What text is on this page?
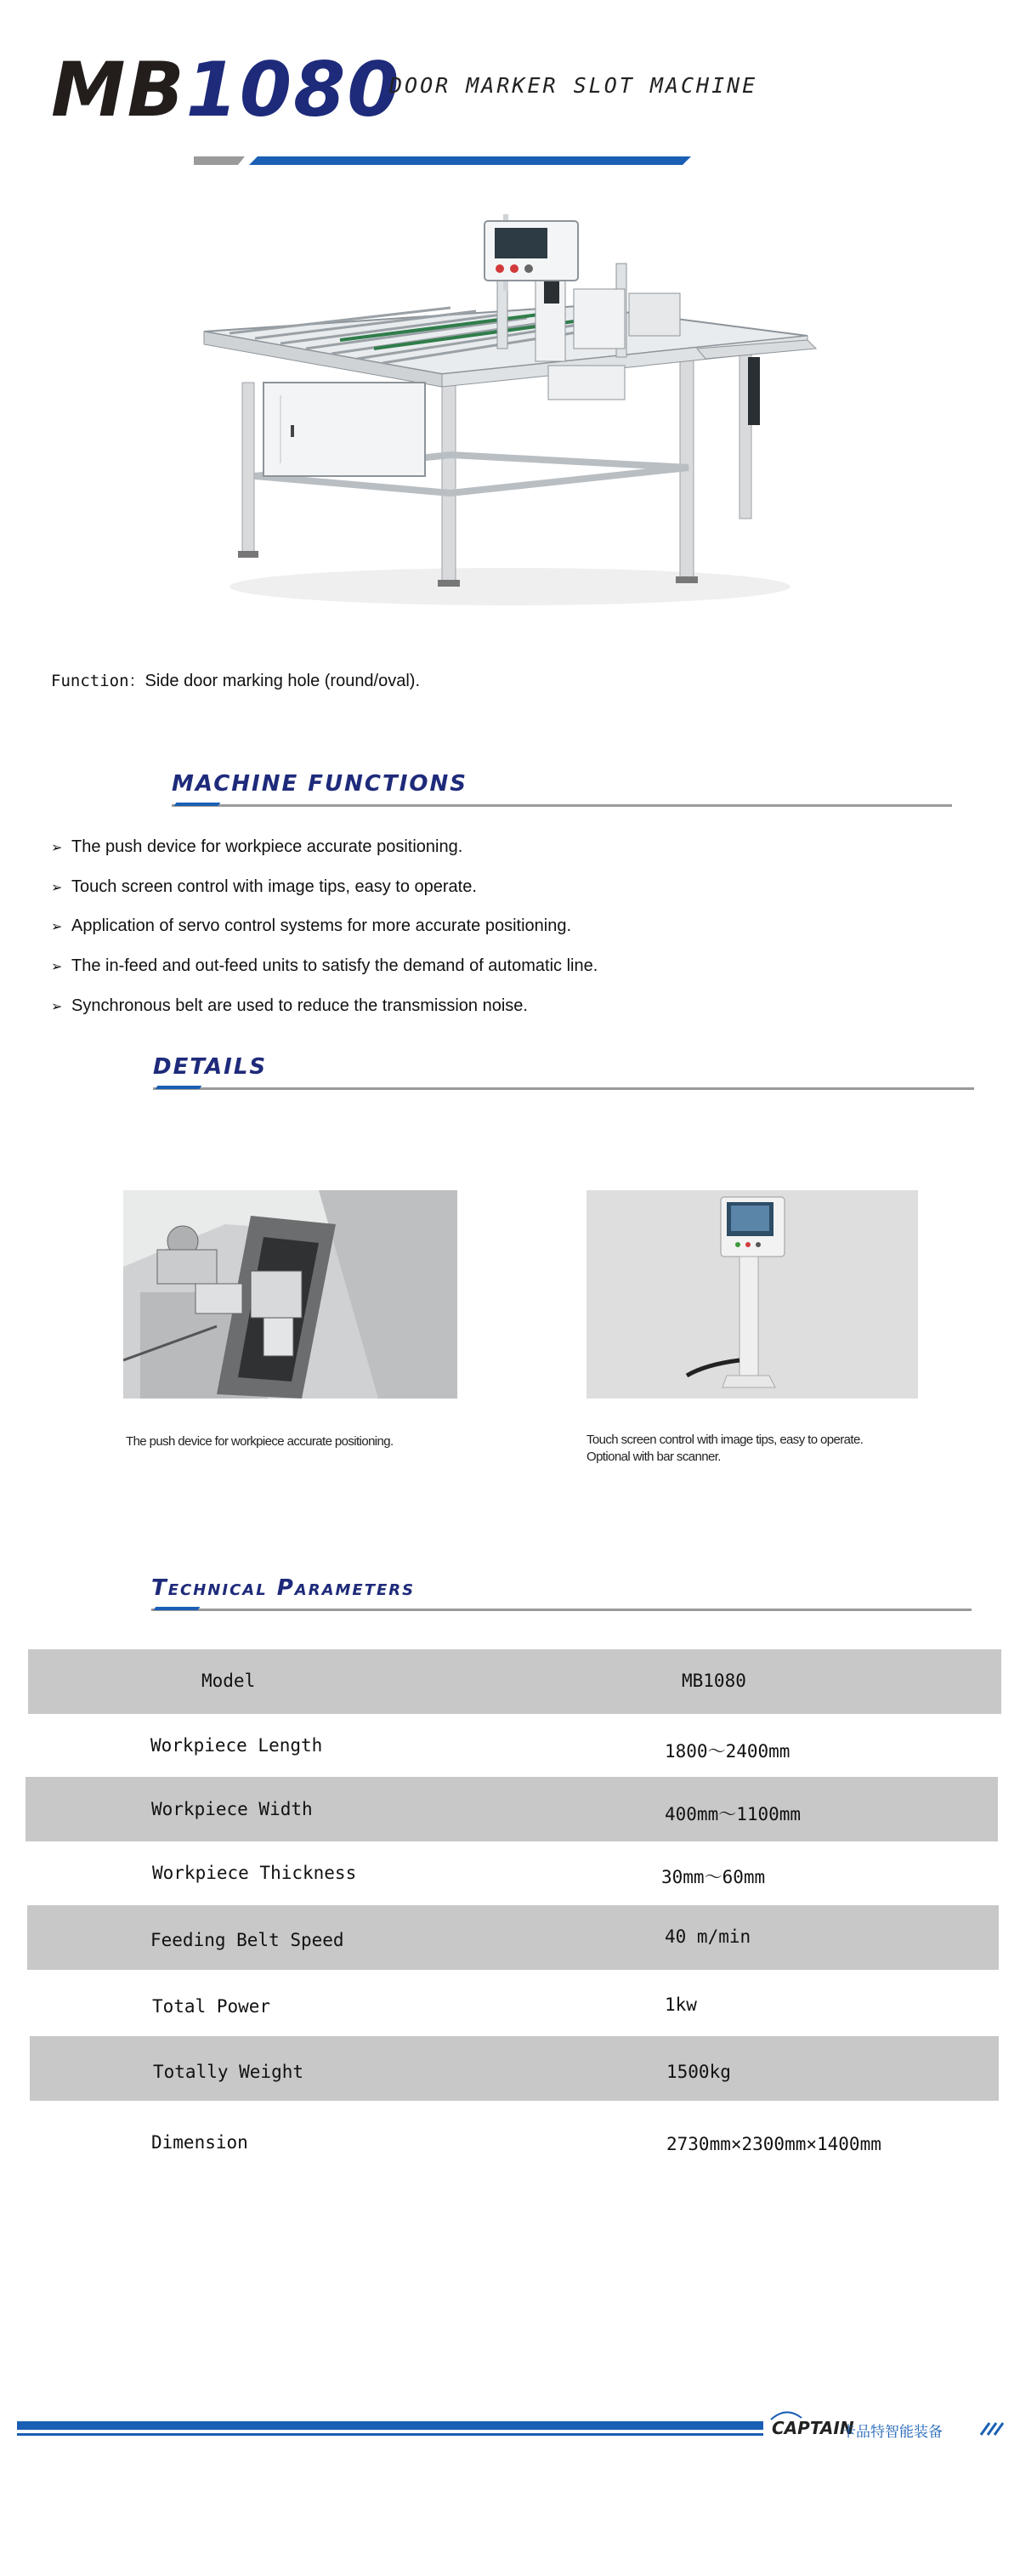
MB1080
DOOR MARKER SLOT MACHINE
Function：Side door marking hole (round/oval).
MACHINE FUNCTIONS
➢ The push device for workpiece accurate positioning.
➢ Touch screen control with image tips, easy to operate.
➢ Application of servo control systems for more accurate positioning.
➢ The in-feed and out-feed units to satisfy the demand of automatic line.
➢ Synchronous belt are used to reduce the transmission noise.
DETAILS
The push device for workpiece accurate positioning.	Touch screen control with image tips, easy to operate.
Optional with bar scanner.
Technical Parameters
Model	MB1080
Workpiece Length	1800～2400mm
Workpiece Width	400mm～1100mm
Workpiece Thickness	30mm～60mm
Feeding Belt Speed	40 m/min
Total Power	1kw
Totally Weight	1500kg
Dimension	2730mm×2300mm×1400mm
CAPTAIN
卡品特智能装备
